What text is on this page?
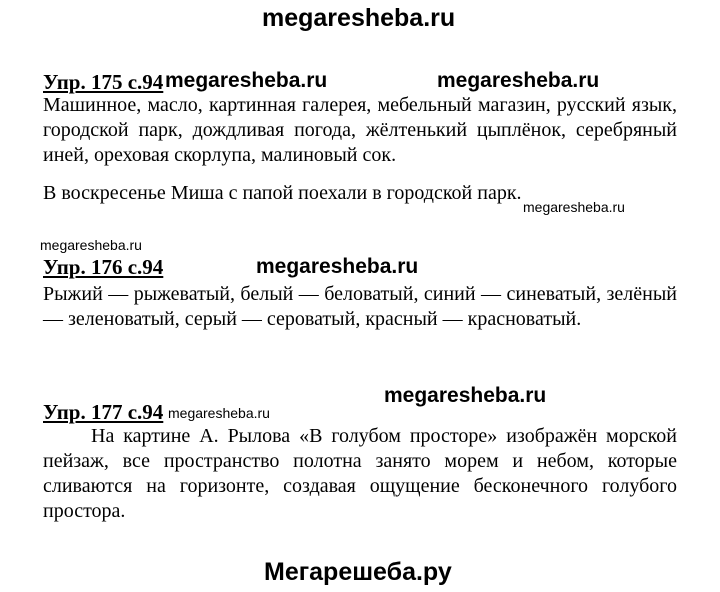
megaresheba.ru
Упр. 175 с.94 megaresheba.ru	megaresheba.ru
Машинное, масло, картинная галерея, мебельный магазин, русский язык, городской парк, дождливая погода, жёлтенький цыплёнок, серебряный иней, ореховая скорлупа, малиновый сок.
В воскресенье Миша с папой поехали в городской парк.
megaresheba.ru
megaresheba.ru
Упр. 176 с.94	megaresheba.ru
Рыжий — рыжеватый, белый — беловатый, синий — синеватый, зелёный — зеленоватый, серый — сероватый, красный — красноватый.
megaresheba.ru
Упр. 177 с.94 megaresheba.ru
На картине А. Рылова «В голубом просторе» изображён морской пейзаж, все пространство полотна занято морем и небом, которые сливаются на горизонте, создавая ощущение бесконечного голубого простора.
Мегарешеба.ру
